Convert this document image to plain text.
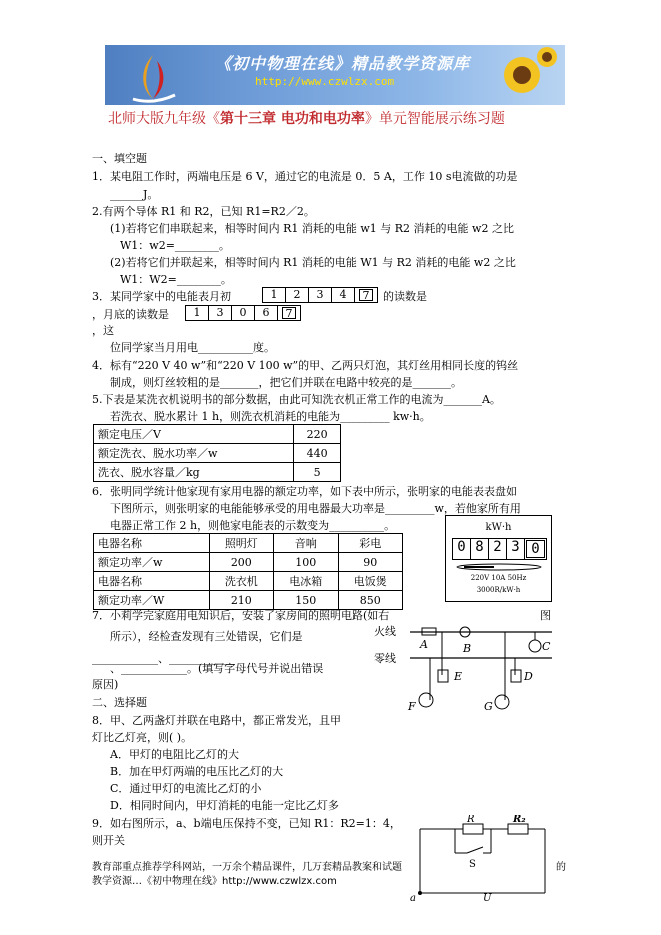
《初中物理在线》精品教学资源库
http://www.czwlzx.com
北师大版九年级《第十三章 电功和电功率》单元智能展示练习题
一、填空题
1．某电阻工作时，两端电压是 6 V，通过它的电流是 0．5 A，工作 10 s电流做的功是
______J。
2.有两个导体 R1 和 R2，已知 R1=R2／2。
(1)若将它们串联起来，相等时间内 R1 消耗的电能 w1 与 R2 消耗的电能 w2 之比
W1：w2=________。
(2)若将它们并联起来，相等时间内 R1 消耗的电能 W1 与 R2 消耗的电能 w2 之比
W1：W2=________。
3．某同学家中的电能表月初	1	2	3	4	7	的读数是
，月底的读数是	1	3	0	6	7
，这
位同学家当月用电__________度。
4．标有“220 V 40 w”和“220 V 100 w”的甲、乙两只灯泡，其灯丝用相同长度的钨丝
制成，则灯丝较粗的是_______，把它们并联在电路中较亮的是_______。
5.下表是某洗衣机说明书的部分数据，由此可知洗衣机正常工作的电流为_______A。
若洗衣、脱水累计 1 h，则洗衣机消耗的电能为_________ kw·h。
额定电压／V	220
额定洗衣、脱水功率／w	440
洗衣、脱水容量／kg	5
6．张明同学统计他家现有家用电器的额定功率，如下表中所示，张明家的电能表表盘如
下图所示，则张明家的电能能够承受的用电器最大功率是_________w，若他家所有用
电器正常工作 2 h，则他家电能表的示数变为__________。
电器名称	照明灯	音响	彩电
额定功率／w	200	100	90
电器名称	洗衣机	电冰箱	电饭煲
额定功率／W	210	150	850
kW·h
0 8 2 3 0
220V 10A 50Hz
3000R/kW·h
7．小莉学完家庭用电知识后，安装了家房间的照明电路(如右	图
所示），经检查发现有三处错误，它们是
____________、____________
、____________。(填写字母代号并说出错误
原因)
火线
零线
A	B	C
E
F
D
G
二、选择题
8．甲、乙两盏灯并联在电路中，都正常发光，且甲
灯比乙灯亮，则( )。
A．甲灯的电阻比乙灯的大
B．加在甲灯两端的电压比乙灯的大
C．通过甲灯的电流比乙灯的小
D．相同时间内，甲灯消耗的电能一定比乙灯多
9．如右图所示，a、b端电压保持不变，已知 R1：R2=1：4，
则开关
R	R₂
S
a	U
教育部重点推荐学科网站，一万余个精品课件，几万套精品教案和试题	的
教学资源…《初中物理在线》http://www.czwlzx.com
